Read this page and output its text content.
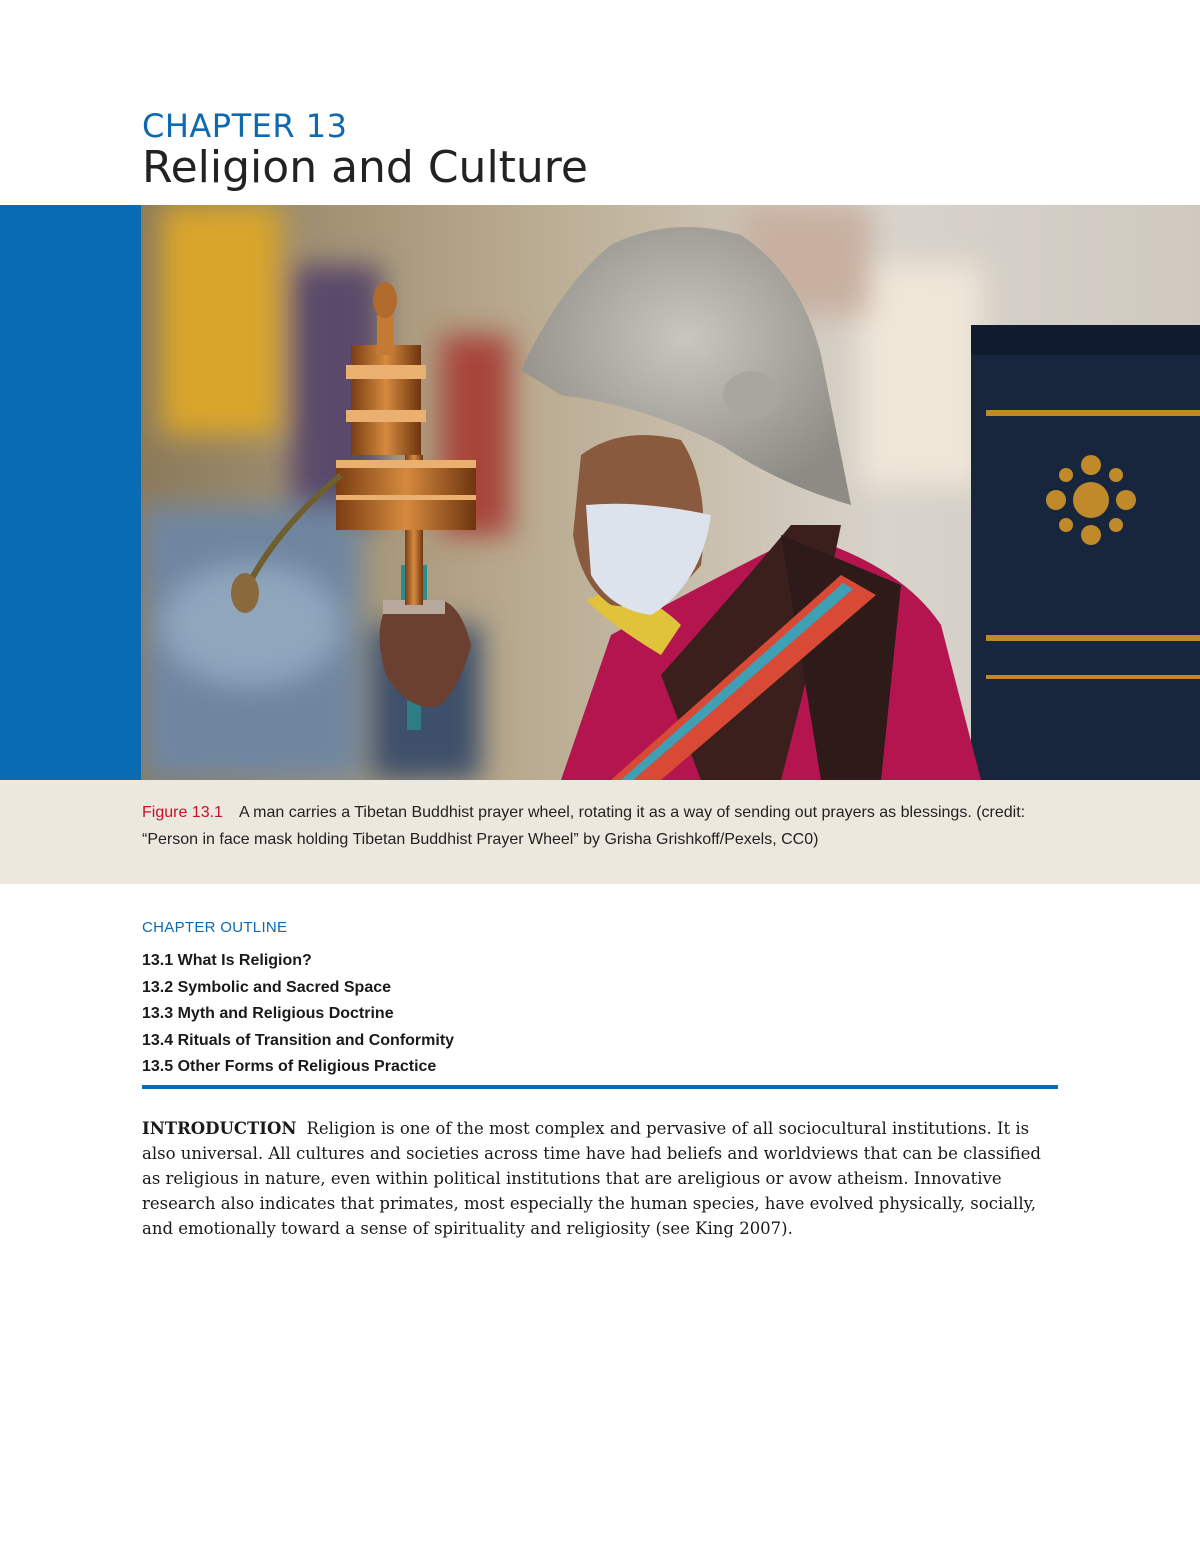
CHAPTER 13
Religion and Culture
Figure 13.1 A man carries a Tibetan Buddhist prayer wheel, rotating it as a way of sending out prayers as blessings. (credit: “Person in face mask holding Tibetan Buddhist Prayer Wheel” by Grisha Grishkoff/Pexels, CC0)
CHAPTER OUTLINE
13.1 What Is Religion?
13.2 Symbolic and Sacred Space
13.3 Myth and Religious Doctrine
13.4 Rituals of Transition and Conformity
13.5 Other Forms of Religious Practice

INTRODUCTION Religion is one of the most complex and pervasive of all sociocultural institutions. It is also universal. All cultures and societies across time have had beliefs and worldviews that can be classified as religious in nature, even within political institutions that are areligious or avow atheism. Innovative research also indicates that primates, most especially the human species, have evolved physically, socially, and emotionally toward a sense of spirituality and religiosity (see King 2007).
